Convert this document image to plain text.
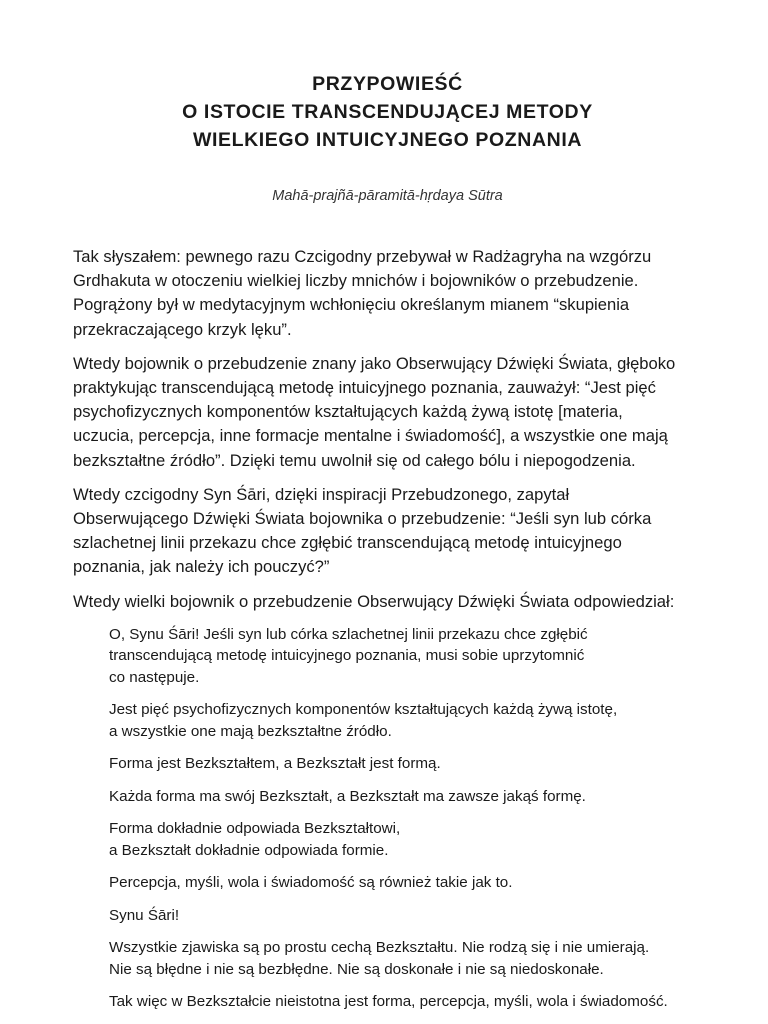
PRZYPOWIEŚĆ
O ISTOCIE TRANSCENDUJĄCEJ METODY
WIELKIEGO INTUICYJNEGO POZNANIA
Mahā-prajñā-pāramitā-hṛdaya Sūtra

Tak słyszałem: pewnego razu Czcigodny przebywał w Radżagryha na wzgórzu
Grdhakuta w otoczeniu wielkiej liczby mnichów i bojowników o przebudzenie.
Pogrążony był w medytacyjnym wchłonięciu określanym mianem “skupienia
przekraczającego krzyk lęku”.

Wtedy bojownik o przebudzenie znany jako Obserwujący Dźwięki Świata, głęboko
praktykując transcendującą metodę intuicyjnego poznania, zauważył: “Jest pięć
psychofizycznych komponentów kształtujących każdą żywą istotę [materia,
uczucia, percepcja, inne formacje mentalne i świadomość], a wszystkie one mają
bezkształtne źródło”. Dzięki temu uwolnił się od całego bólu i niepogodzenia.

Wtedy czcigodny Syn Śāri, dzięki inspiracji Przebudzonego, zapytał
Obserwującego Dźwięki Świata bojownika o przebudzenie: “Jeśli syn lub córka
szlachetnej linii przekazu chce zgłębić transcendującą metodę intuicyjnego
poznania, jak należy ich pouczyć?”

Wtedy wielki bojownik o przebudzenie Obserwujący Dźwięki Świata odpowiedział:

O, Synu Śāri! Jeśli syn lub córka szlachetnej linii przekazu chce zgłębić
transcendującą metodę intuicyjnego poznania, musi sobie uprzytomnić
co następuje.

Jest pięć psychofizycznych komponentów kształtujących każdą żywą istotę,
a wszystkie one mają bezkształtne źródło.

Forma jest Bezkształtem, a Bezkształt jest formą.

Każda forma ma swój Bezkształt, a Bezkształt ma zawsze jakąś formę.

Forma dokładnie odpowiada Bezkształtowi,
a Bezkształt dokładnie odpowiada formie.

Percepcja, myśli, wola i świadomość są również takie jak to.

Synu Śāri!

Wszystkie zjawiska są po prostu cechą Bezkształtu. Nie rodzą się i nie umierają.
Nie są błędne i nie są bezbłędne. Nie są doskonałe i nie są niedoskonałe.

Tak więc w Bezkształcie nieistotna jest forma, percepcja, myśli, wola i świadomość.
